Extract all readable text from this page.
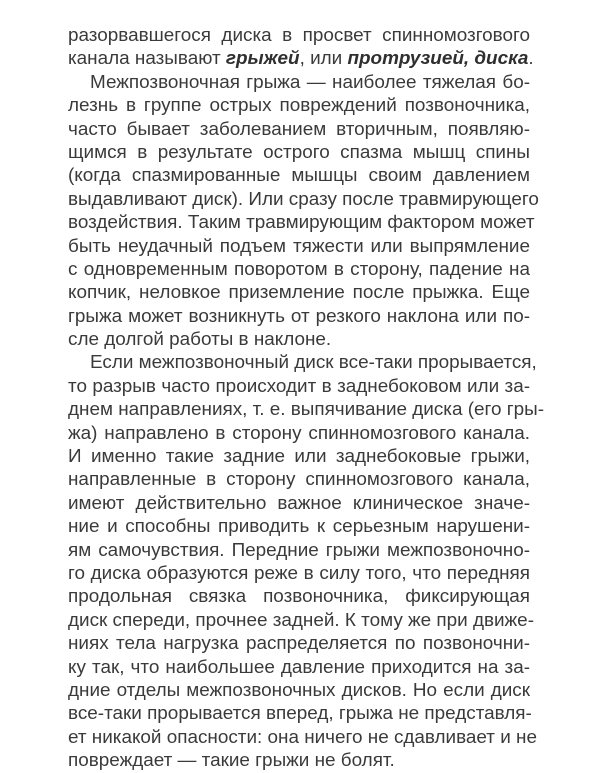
разорвавшегося диска в просвет спинномозгового
канала называют грыжей, или протрузией, диска.
Межпозвоночная грыжа — наиболее тяжелая бо-
лезнь в группе острых повреждений позвоночника,
часто бывает заболеванием вторичным, появляю-
щимся в результате острого спазма мышц спины
(когда спазмированные мышцы своим давлением
выдавливают диск). Или сразу после травмирующего
воздействия. Таким травмирующим фактором может
быть неудачный подъем тяжести или выпрямление
с одновременным поворотом в сторону, падение на
копчик, неловкое приземление после прыжка. Еще
грыжа может возникнуть от резкого наклона или по-
сле долгой работы в наклоне.
Если межпозвоночный диск все-таки прорывается,
то разрыв часто происходит в заднебоковом или за-
днем направлениях, т. е. выпячивание диска (его гры-
жа) направлено в сторону спинномозгового канала.
И именно такие задние или заднебоковые грыжи,
направленные в сторону спинномозгового канала,
имеют действительно важное клиническое значе-
ние и способны приводить к серьезным нарушени-
ям самочувствия. Передние грыжи межпозвоночно-
го диска образуются реже в силу того, что передняя
продольная связка позвоночника, фиксирующая
диск спереди, прочнее задней. К тому же при движе-
ниях тела нагрузка распределяется по позвоночни-
ку так, что наибольшее давление приходится на за-
дние отделы межпозвоночных дисков. Но если диск
все-таки прорывается вперед, грыжа не представля-
ет никакой опасности: она ничего не сдавливает и не
повреждает — такие грыжи не болят.
